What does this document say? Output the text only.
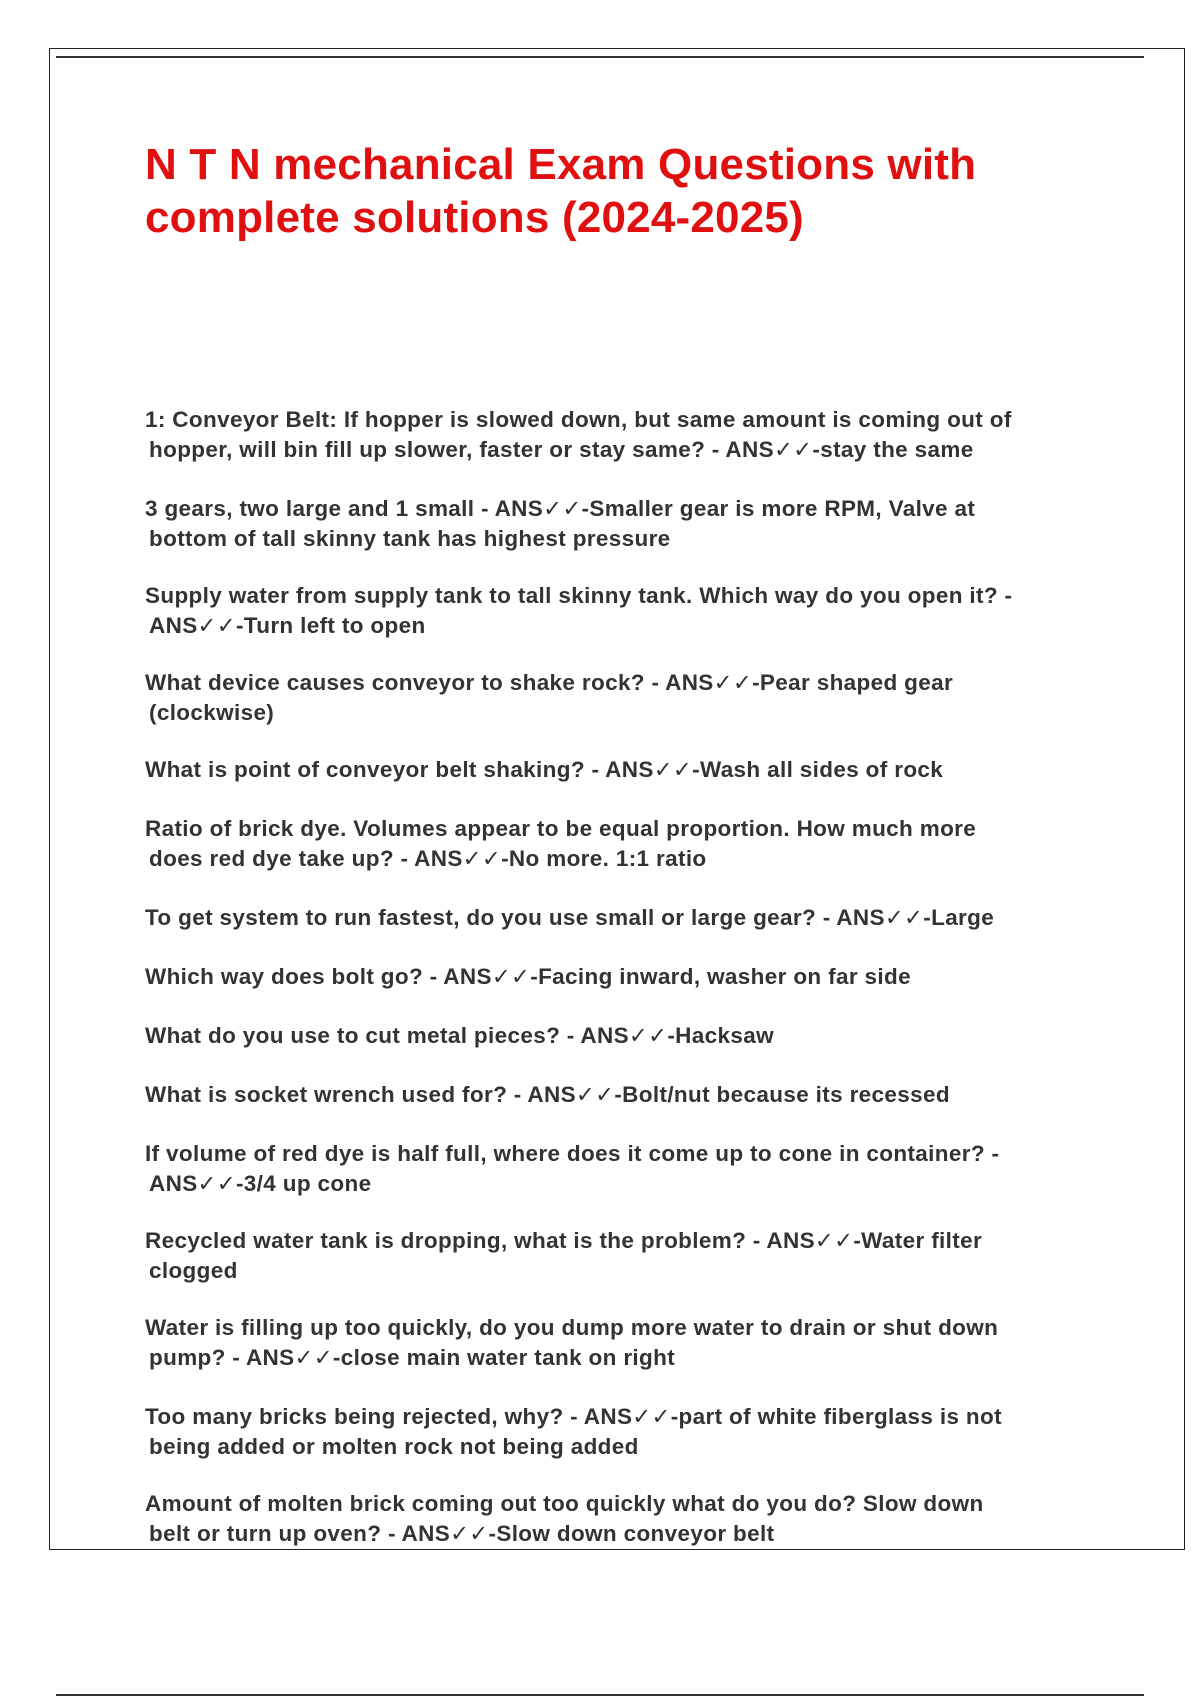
N T N mechanical Exam Questions with complete solutions (2024-2025)
1: Conveyor Belt: If hopper is slowed down, but same amount is coming out of
hopper, will bin fill up slower, faster or stay same? - ANS✓✓-stay the same
3 gears, two large and 1 small - ANS✓✓-Smaller gear is more RPM, Valve at
bottom of tall skinny tank has highest pressure
Supply water from supply tank to tall skinny tank. Which way do you open it? -
ANS✓✓-Turn left to open
What device causes conveyor to shake rock? - ANS✓✓-Pear shaped gear
(clockwise)
What is point of conveyor belt shaking? - ANS✓✓-Wash all sides of rock
Ratio of brick dye. Volumes appear to be equal proportion. How much more
does red dye take up? - ANS✓✓-No more. 1:1 ratio
To get system to run fastest, do you use small or large gear? - ANS✓✓-Large
Which way does bolt go? - ANS✓✓-Facing inward, washer on far side
What do you use to cut metal pieces? - ANS✓✓-Hacksaw
What is socket wrench used for? - ANS✓✓-Bolt/nut because its recessed
If volume of red dye is half full, where does it come up to cone in container? -
ANS✓✓-3/4 up cone
Recycled water tank is dropping, what is the problem? - ANS✓✓-Water filter
clogged
Water is filling up too quickly, do you dump more water to drain or shut down
pump? - ANS✓✓-close main water tank on right
Too many bricks being rejected, why? - ANS✓✓-part of white fiberglass is not
being added or molten rock not being added
Amount of molten brick coming out too quickly what do you do? Slow down
belt or turn up oven? - ANS✓✓-Slow down conveyor belt
